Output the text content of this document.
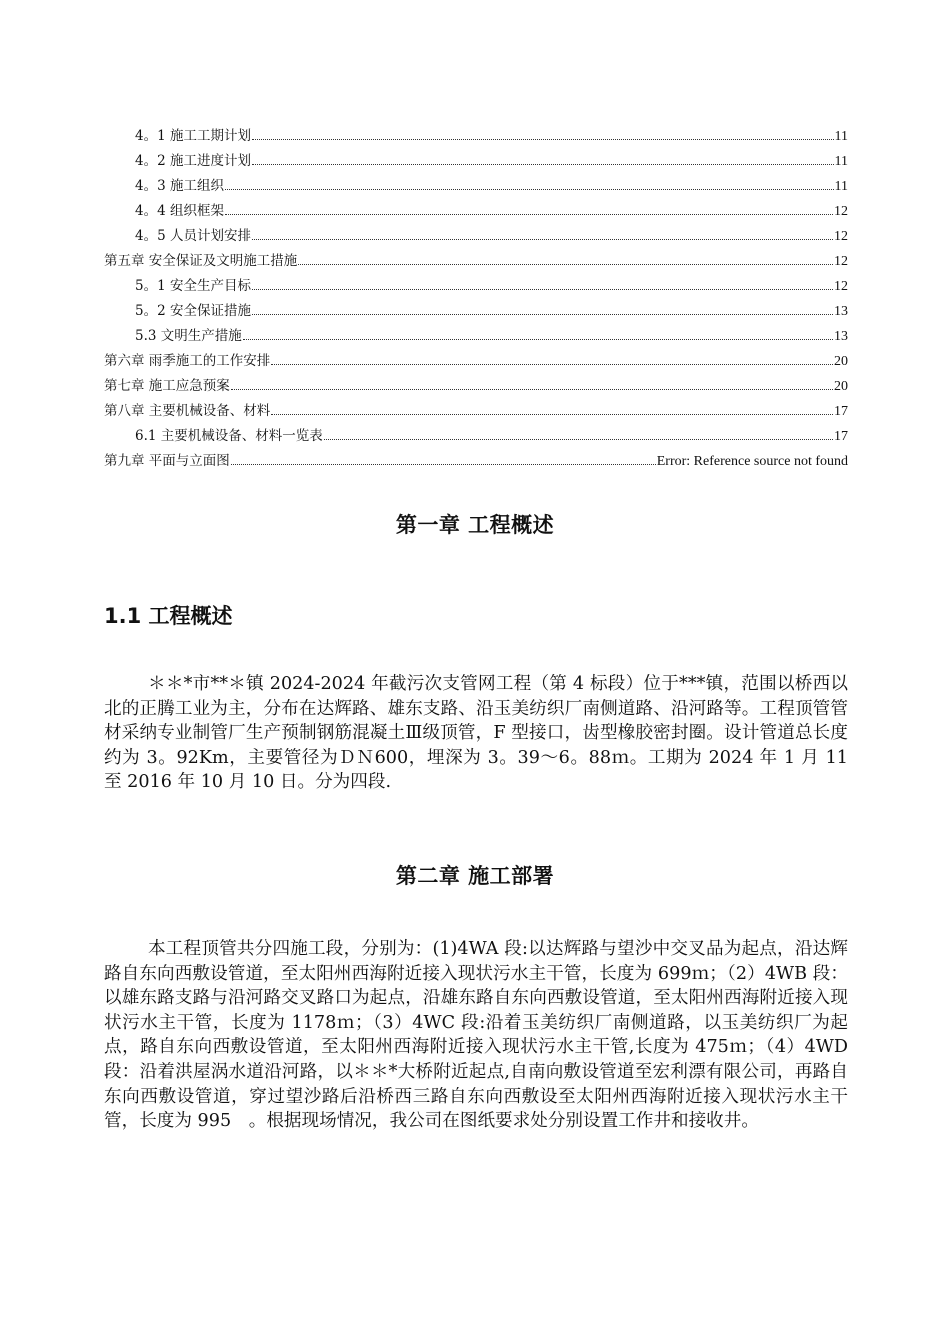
4。1 施工工期计划	11
4。2 施工进度计划	11
4。3 施工组织	11
4。4 组织框架	12
4。5 人员计划安排	12
第五章 安全保证及文明施工措施	12
5。1 安全生产目标	12
5。2 安全保证措施	13
5.3 文明生产措施	13
第六章 雨季施工的工作安排	20
第七章 施工应急预案	20
第八章 主要机械设备、材料	17
6.1 主要机械设备、材料一览表	17
第九章 平面与立面图	Error: Reference source not found
第一章 工程概述
1.1 工程概述
＊＊*市**＊镇 2024-2024 年截污次支管网工程（第 4 标段）位于***镇，范围以桥西以北的正腾工业为主，分布在达辉路、雄东支路、沿玉美纺织厂南侧道路、沿河路等。工程顶管管材采纳专业制管厂生产预制钢筋混凝土Ⅲ级顶管，F 型接口，齿型橡胶密封圈。设计管道总长度约为 3。92Km，主要管径为ＤＮ600，埋深为 3。39～6。88ｍ。工期为 2024 年 1 月 11 至 2016 年 10 月 10 日。分为四段.
第二章 施工部署
本工程顶管共分四施工段，分别为：(1)4WA 段:以达辉路与望沙中交叉品为起点，沿达辉路自东向西敷设管道，至太阳州西海附近接入现状污水主干管，长度为 699ｍ；（2）4WB 段：以雄东路支路与沿河路交叉路口为起点，沿雄东路自东向西敷设管道，至太阳州西海附近接入现状污水主干管，长度为 1178ｍ；（3）4WC 段:沿着玉美纺织厂南侧道路，以玉美纺织厂为起点，路自东向西敷设管道，至太阳州西海附近接入现状污水主干管,长度为 475ｍ；（4）4WD 段：沿着洪屋涡水道沿河路，以＊＊*大桥附近起点,自南向敷设管道至宏利漂有限公司，再路自东向西敷设管道，穿过望沙路后沿桥西三路自东向西敷设至太阳州西海附近接入现状污水主干管，长度为 995　。根据现场情况，我公司在图纸要求处分别设置工作井和接收井。
